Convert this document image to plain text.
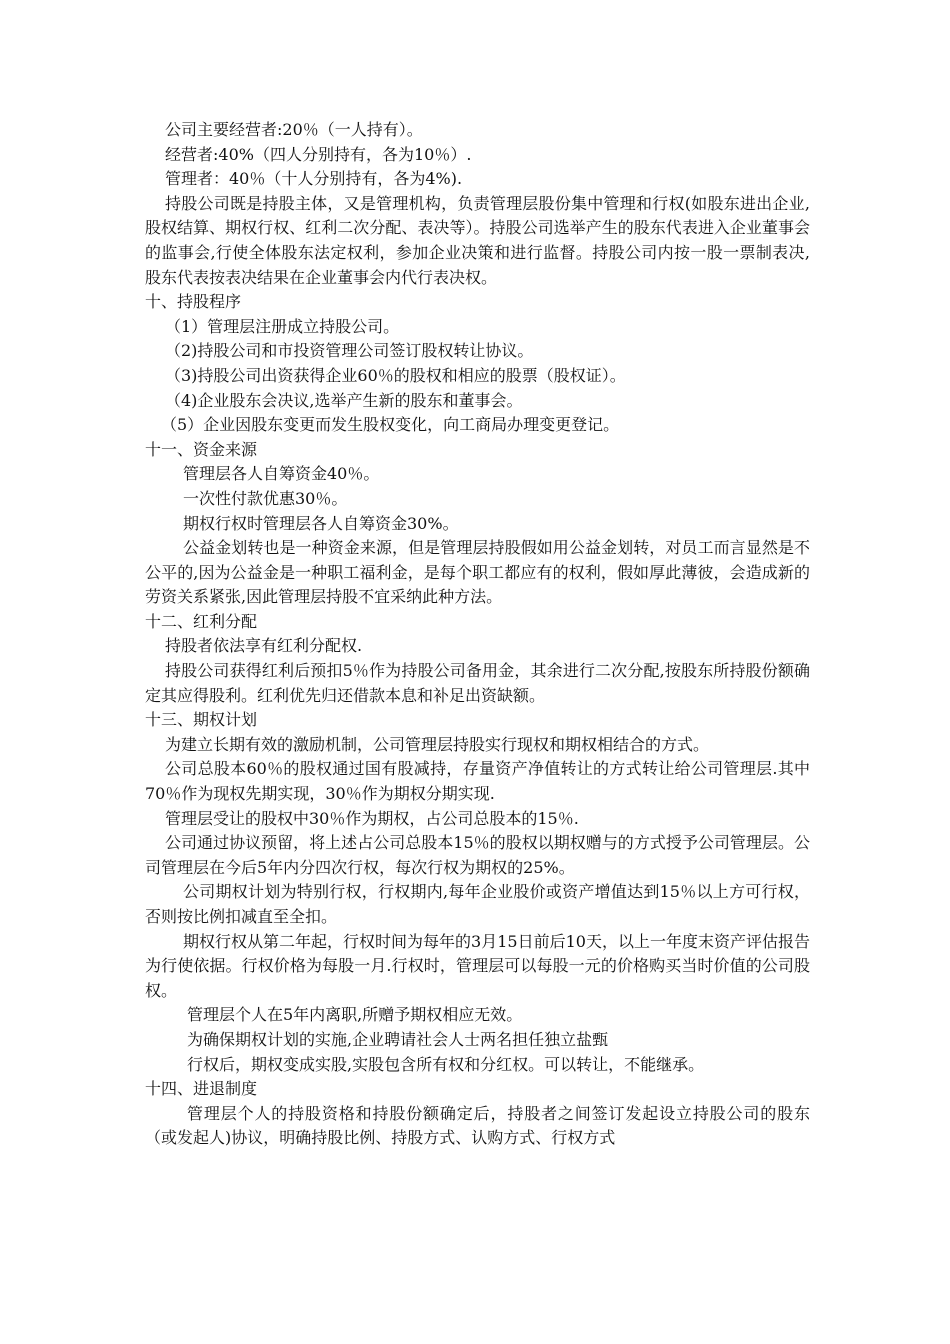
公司主要经营者:20％（一人持有）。
经营者:40%（四人分别持有，各为10％）.
管理者：40％（十人分别持有，各为4%).
持股公司既是持股主体，又是管理机构，负责管理层股份集中管理和行权(如股东进出企业,股权结算、期权行权、红利二次分配、表决等）。持股公司选举产生的股东代表进入企业董事会的监事会,行使全体股东法定权利，参加企业决策和进行监督。持股公司内按一股一票制表决,股东代表按表决结果在企业董事会内代行表决权。
十、持股程序
（1）管理层注册成立持股公司。
（2)持股公司和市投资管理公司签订股权转让协议。
（3)持股公司出资获得企业60％的股权和相应的股票（股权证）。
（4)企业股东会决议,选举产生新的股东和董事会。
（5）企业因股东变更而发生股权变化，向工商局办理变更登记。
十一、资金来源
管理层各人自筹资金40％。
一次性付款优惠30％。
期权行权时管理层各人自筹资金30%。
公益金划转也是一种资金来源，但是管理层持股假如用公益金划转，对员工而言显然是不公平的,因为公益金是一种职工福利金，是每个职工都应有的权利，假如厚此薄彼，会造成新的劳资关系紧张,因此管理层持股不宜采纳此种方法。
十二、红利分配
持股者依法享有红利分配权.
持股公司获得红利后预扣5％作为持股公司备用金，其余进行二次分配,按股东所持股份额确定其应得股利。红利优先归还借款本息和补足出资缺额。
十三、期权计划
为建立长期有效的激励机制，公司管理层持股实行现权和期权相结合的方式。
公司总股本60％的股权通过国有股减持，存量资产净值转让的方式转让给公司管理层.其中70％作为现权先期实现，30％作为期权分期实现.
管理层受让的股权中30％作为期权，占公司总股本的15％.
公司通过协议预留，将上述占公司总股本15％的股权以期权赠与的方式授予公司管理层。公司管理层在今后5年内分四次行权，每次行权为期权的25%。
公司期权计划为特别行权，行权期内,每年企业股价或资产增值达到15％以上方可行权，否则按比例扣减直至全扣。
期权行权从第二年起，行权时间为每年的3月15日前后10天，以上一年度末资产评估报告为行使依据。行权价格为每股一月.行权时，管理层可以每股一元的价格购买当时价值的公司股权。
管理层个人在5年内离职,所赠予期权相应无效。
为确保期权计划的实施,企业聘请社会人士两名担任独立盐甄
行权后，期权变成实股,实股包含所有权和分红权。可以转让，不能继承。
十四、进退制度
管理层个人的持股资格和持股份额确定后，持股者之间签订发起设立持股公司的股东（或发起人)协议，明确持股比例、持股方式、认购方式、行权方式
